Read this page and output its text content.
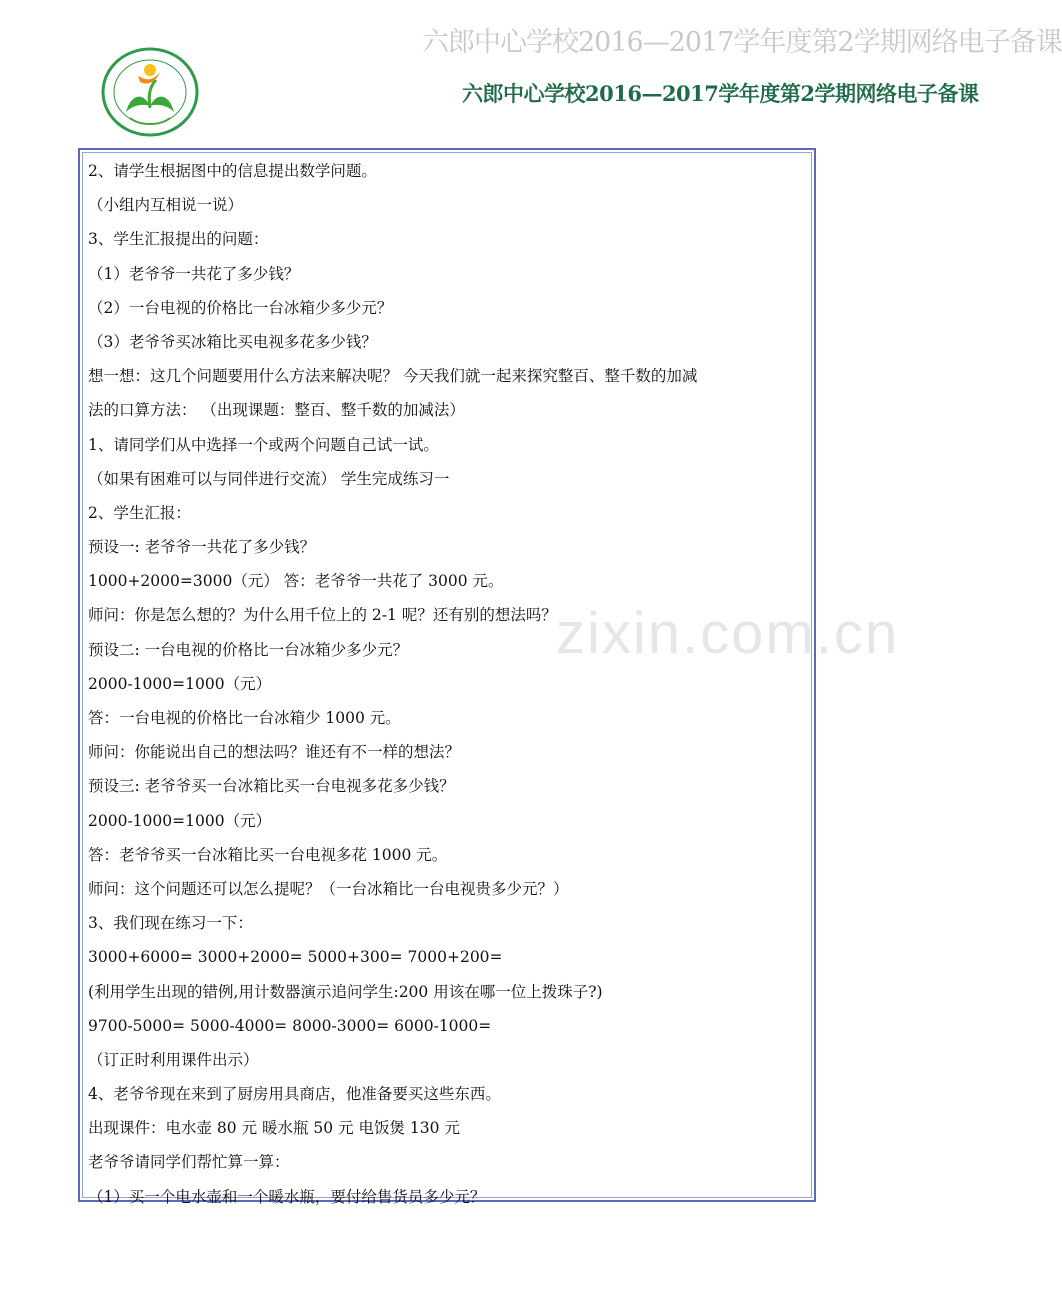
六郎中心学校2016—2017学年度第2学期网络电子备课
六郎中心学校2016—2017学年度第2学期网络电子备课
2、请学生根据图中的信息提出数学问题。
（小组内互相说一说）
3、学生汇报提出的问题：
（1）老爷爷一共花了多少钱？
（2）一台电视的价格比一台冰箱少多少元？
（3）老爷爷买冰箱比买电视多花多少钱？
想一想：这几个问题要用什么方法来解决呢？ 今天我们就一起来探究整百、整千数的加减
法的口算方法： （出现课题：整百、整千数的加减法）
1、请同学们从中选择一个或两个问题自己试一试。
（如果有困难可以与同伴进行交流） 学生完成练习一
2、学生汇报：
预设一: 老爷爷一共花了多少钱？
1000+2000=3000（元） 答：老爷爷一共花了 3000 元。
师问：你是怎么想的？为什么用千位上的 2-1 呢？还有别的想法吗？
预设二: 一台电视的价格比一台冰箱少多少元？
2000-1000=1000（元）
答：一台电视的价格比一台冰箱少 1000 元。
师问：你能说出自己的想法吗？谁还有不一样的想法？
预设三: 老爷爷买一台冰箱比买一台电视多花多少钱？
2000-1000=1000（元）
答：老爷爷买一台冰箱比买一台电视多花 1000 元。
师问：这个问题还可以怎么提呢？（一台冰箱比一台电视贵多少元？）
3、我们现在练习一下：
3000+6000= 3000+2000= 5000+300= 7000+200=
(利用学生出现的错例,用计数器演示追问学生:200 用该在哪一位上拨珠子?)
9700-5000= 5000-4000= 8000-3000= 6000-1000=
（订正时利用课件出示）
4、老爷爷现在来到了厨房用具商店，他准备要买这些东西。
出现课件：电水壶 80 元 暖水瓶 50 元 电饭煲 130 元
老爷爷请同学们帮忙算一算：
（1）买一个电水壶和一个暖水瓶，要付给售货员多少元？
zixin.com.cn
